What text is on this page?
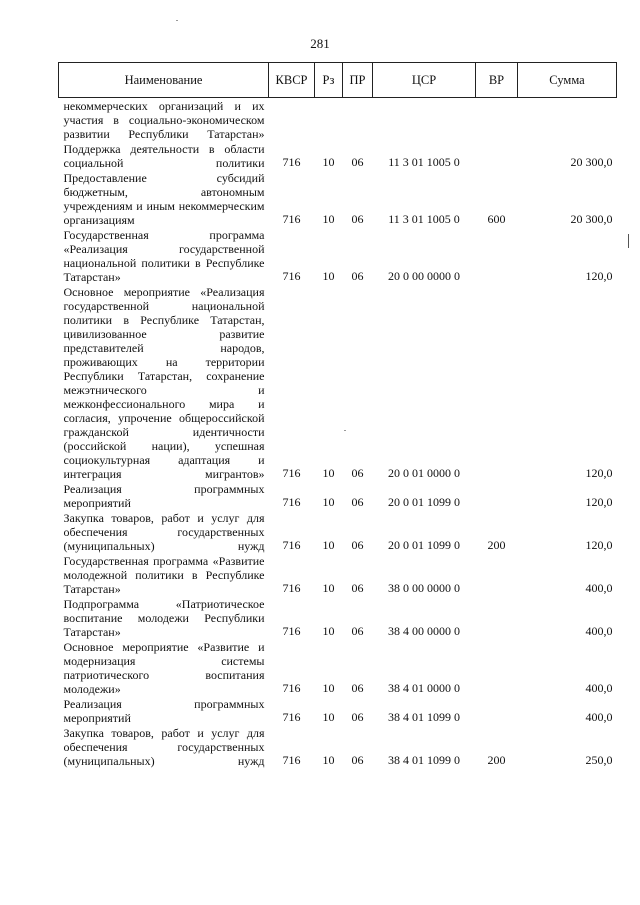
281
Наименование	КВСР	Рз	ПР	ЦСР	ВР	Сумма
некоммерческих организаций и их участия в социально-экономическом развитии Республики Татарстан»						
Поддержка деятельности в области социальной политики	716	10	06	11 3 01 1005 0		20 300,0
Предоставление субсидий бюджетным, автономным учреждениям и иным некоммерческим организациям	716	10	06	11 3 01 1005 0	600	20 300,0
Государственная программа «Реализация государственной национальной политики в Республике Татарстан»	716	10	06	20 0 00 0000 0		120,0
Основное мероприятие «Реализация государственной национальной политики в Республике Татарстан, цивилизованное развитие представителей народов, проживающих на территории Республики Татарстан, сохранение межэтнического и межконфессионального мира и согласия, упрочение общероссийской гражданской идентичности (российской нации), успешная социокультурная адаптация и интеграция мигрантов»	716	10	06	20 0 01 0000 0		120,0
Реализация программных мероприятий	716	10	06	20 0 01 1099 0		120,0
Закупка товаров, работ и услуг для обеспечения государственных (муниципальных) нужд	716	10	06	20 0 01 1099 0	200	120,0
Государственная программа «Развитие молодежной политики в Республике Татарстан»	716	10	06	38 0 00 0000 0		400,0
Подпрограмма «Патриотическое воспитание молодежи Республики Татарстан»	716	10	06	38 4 00 0000 0		400,0
Основное мероприятие «Развитие и модернизация системы патриотического воспитания молодежи»	716	10	06	38 4 01 0000 0		400,0
Реализация программных мероприятий	716	10	06	38 4 01 1099 0		400,0
Закупка товаров, работ и услуг для обеспечения государственных (муниципальных) нужд	716	10	06	38 4 01 1099 0	200	250,0
